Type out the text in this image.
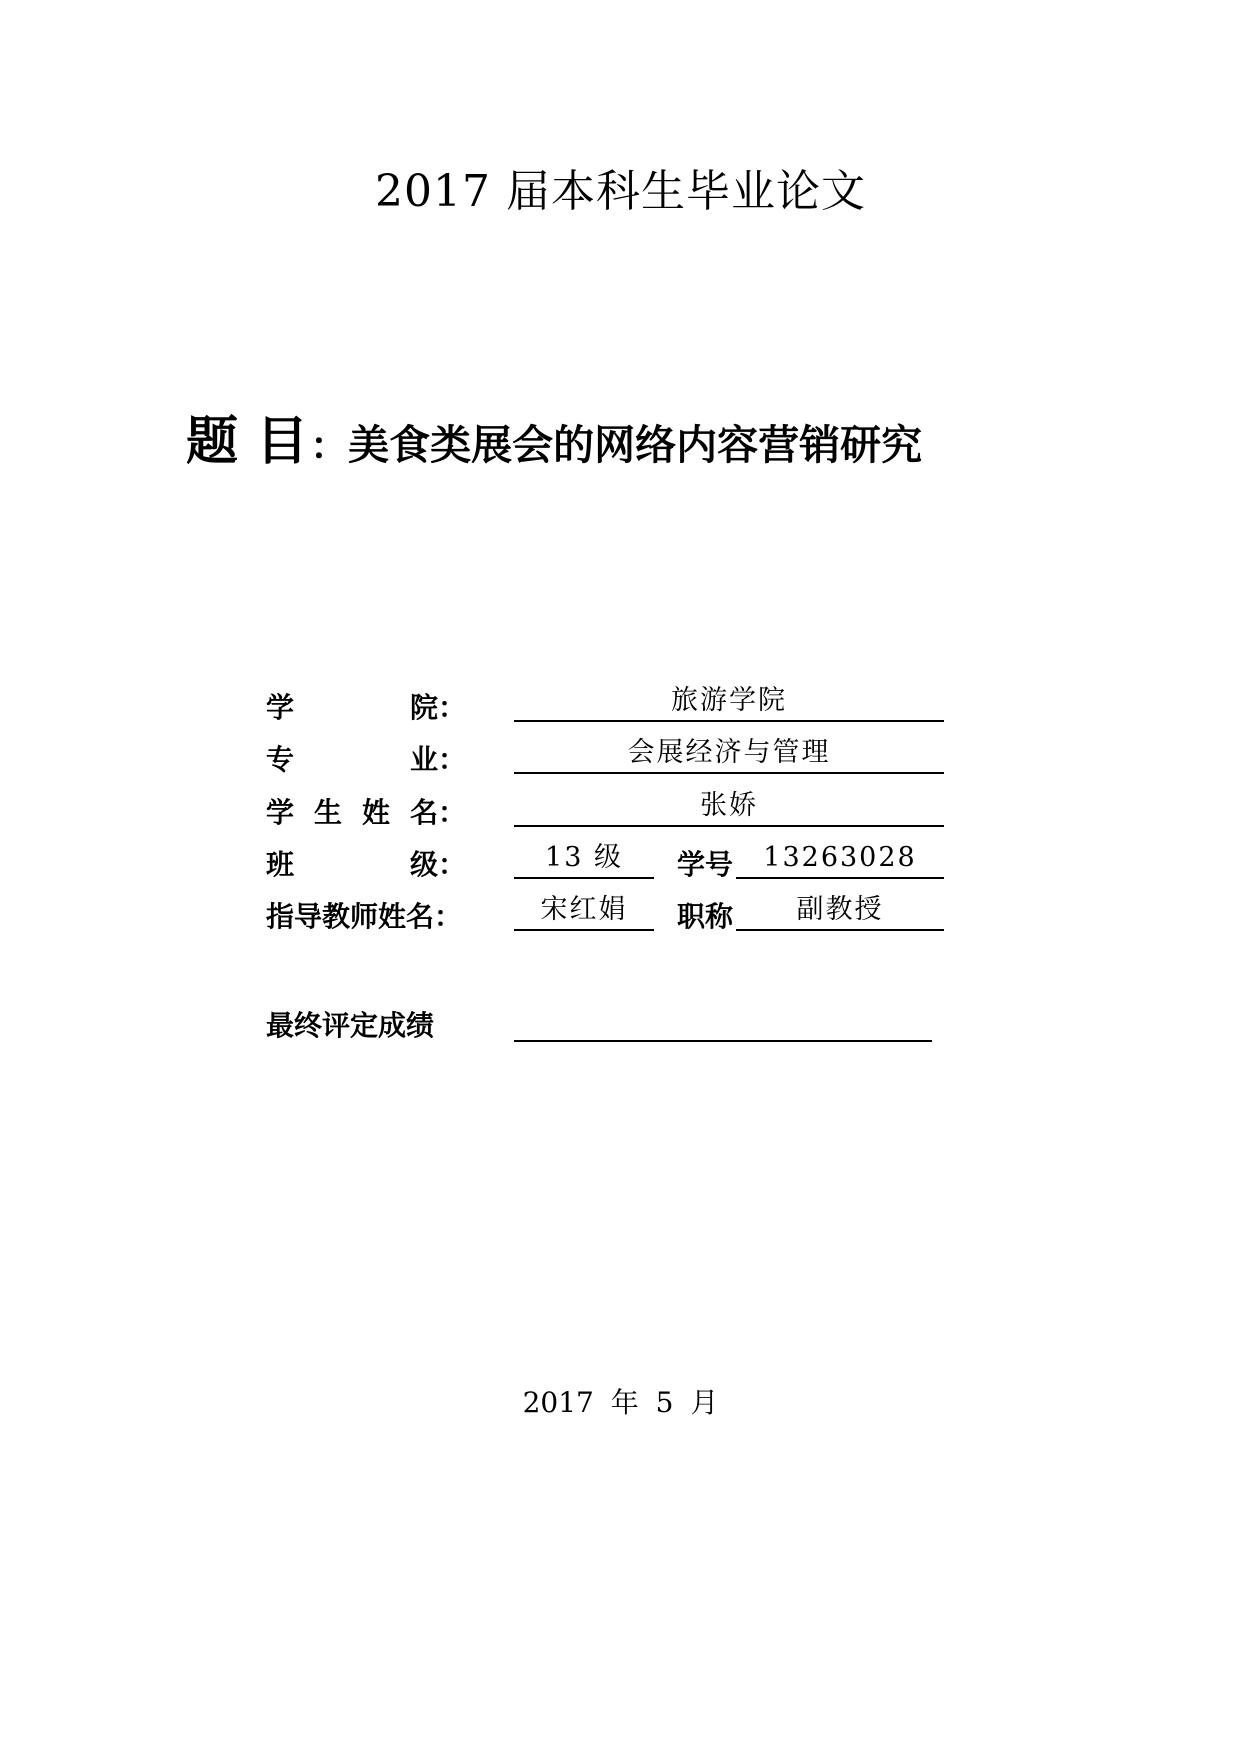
2017 届本科生毕业论文
题 目：美食类展会的网络内容营销研究
学	院：	旅游学院
专	业：	会展经济与管理
学 生 姓 名：	张娇
班	级：	13 级	学号	13263028
指导教师姓名：	宋红娟	职称	副教授
最终评定成绩
2017 年 5 月
